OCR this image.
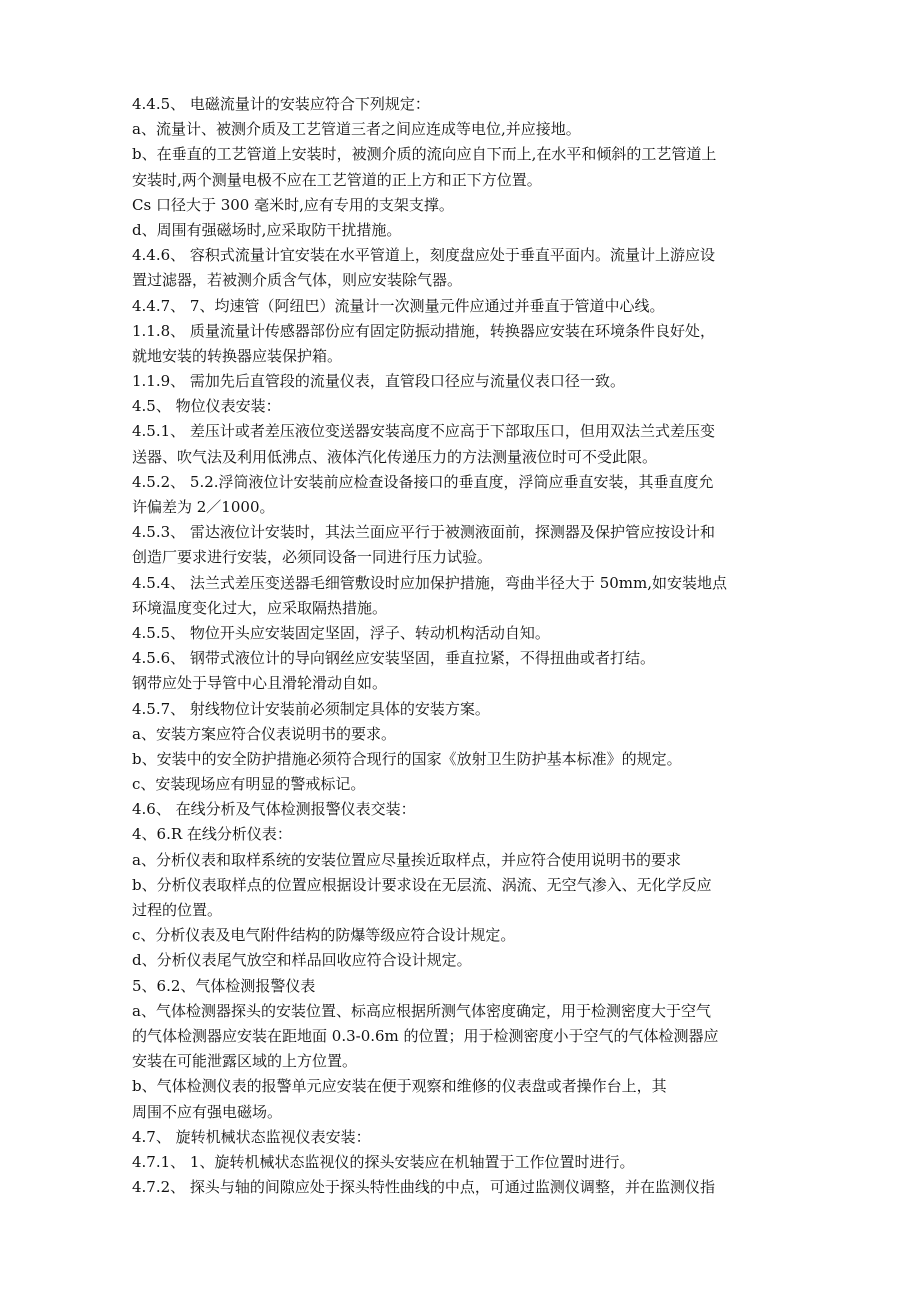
4.4.5、 电磁流量计的安装应符合下列规定：
a、流量计、被测介质及工艺管道三者之间应连成等电位,并应接地。
b、在垂直的工艺管道上安装时，被测介质的流向应自下而上,在水平和倾斜的工艺管道上
安装时,两个测量电极不应在工艺管道的正上方和正下方位置。
Cs 口径大于 300 毫米时,应有专用的支架支撑。
d、周围有强磁场时,应采取防干扰措施。
4.4.6、 容积式流量计宜安装在水平管道上，刻度盘应处于垂直平面内。流量计上游应设
置过滤器，若被测介质含气体，则应安装除气器。
4.4.7、 7、均速管（阿纽巴）流量计一次测量元件应通过并垂直于管道中心线。
1.1.8、 质量流量计传感器部份应有固定防振动措施，转换器应安装在环境条件良好处，
就地安装的转换器应装保护箱。
1.1.9、 需加先后直管段的流量仪表，直管段口径应与流量仪表口径一致。
4.5、 物位仪表安装：
4.5.1、 差压计或者差压液位变送器安装高度不应高于下部取压口，但用双法兰式差压变
送器、吹气法及利用低沸点、液体汽化传递压力的方法测量液位时可不受此限。
4.5.2、 5.2.浮筒液位计安装前应检查设备接口的垂直度，浮筒应垂直安装，其垂直度允
许偏差为 2／1000。
4.5.3、 雷达液位计安装时，其法兰面应平行于被测液面前，探测器及保护管应按设计和
创造厂要求进行安装，必须同设备一同进行压力试验。
4.5.4、 法兰式差压变送器毛细管敷设时应加保护措施，弯曲半径大于 50mm,如安装地点
环境温度变化过大，应采取隔热措施。
4.5.5、 物位开头应安装固定坚固，浮子、转动机构活动自知。
4.5.6、 钢带式液位计的导向钢丝应安装坚固，垂直拉紧，不得扭曲或者打结。
钢带应处于导管中心且滑轮滑动自如。
4.5.7、 射线物位计安装前必须制定具体的安装方案。
a、安装方案应符合仪表说明书的要求。
b、安装中的安全防护措施必须符合现行的国家《放射卫生防护基本标准》的规定。
c、安装现场应有明显的警戒标记。
4.6、 在线分析及气体检测报警仪表交装：
4、6.R 在线分析仪表：
a、分析仪表和取样系统的安装位置应尽量挨近取样点，并应符合使用说明书的要求
b、分析仪表取样点的位置应根据设计要求设在无层流、涡流、无空气渗入、无化学反应
过程的位置。
c、分析仪表及电气附件结构的防爆等级应符合设计规定。
d、分析仪表尾气放空和样品回收应符合设计规定。
5、6.2、气体检测报警仪表
a、气体检测器探头的安装位置、标高应根据所测气体密度确定，用于检测密度大于空气
的气体检测器应安装在距地面 0.3-0.6m 的位置；用于检测密度小于空气的气体检测器应
安装在可能泄露区域的上方位置。
b、气体检测仪表的报警单元应安装在便于观察和维修的仪表盘或者操作台上，其
周围不应有强电磁场。
4.7、 旋转机械状态监视仪表安装：
4.7.1、 1、旋转机械状态监视仪的探头安装应在机轴置于工作位置时进行。
4.7.2、 探头与轴的间隙应处于探头特性曲线的中点，可通过监测仪调整，并在监测仪指
